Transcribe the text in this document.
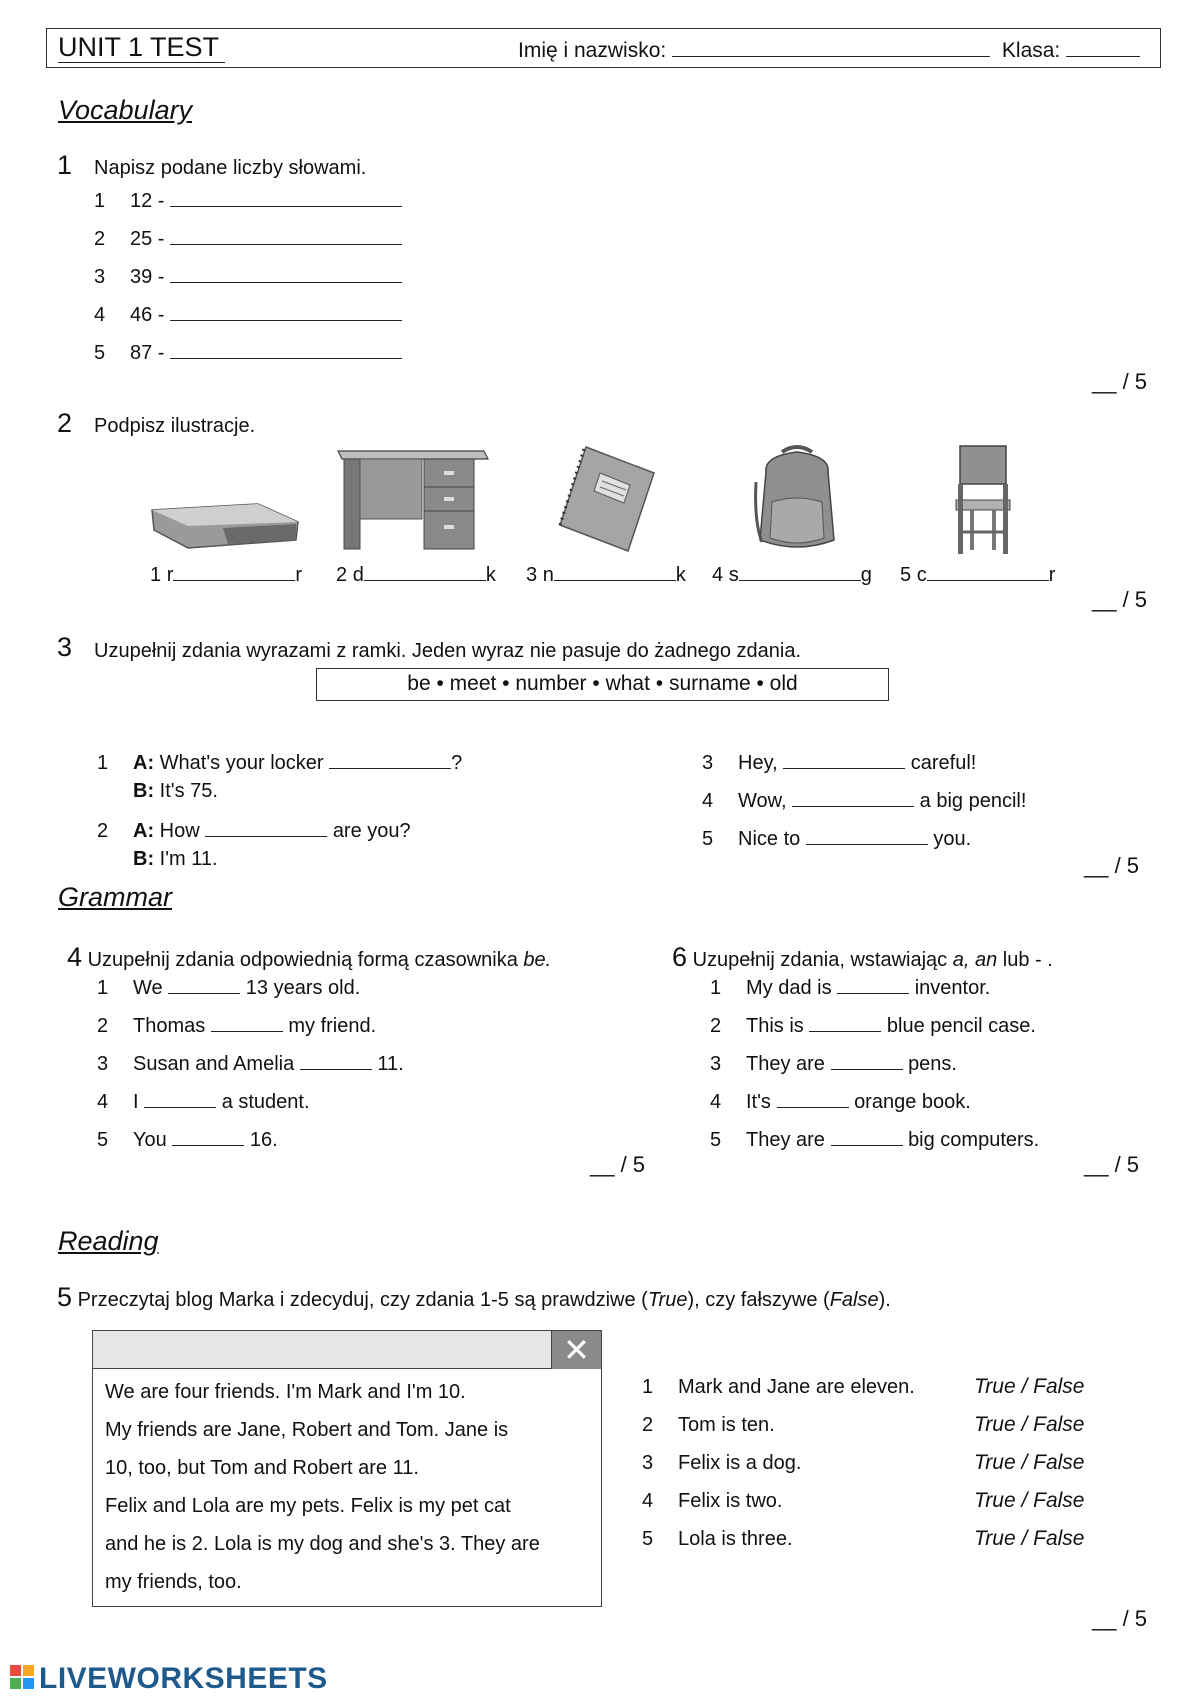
UNIT 1 TEST	Imię i nazwisko:	Klasa:
Vocabulary
1 Napisz podane liczby słowami.
1 12 -
2 25 -
3 39 -
4 46 -
5 87 -
__ / 5
2 Podpisz ilustracje.
1 r	r 2 d	k 3 n	k 4 s	g 5 c	r
__ / 5
3 Uzupełnij zdania wyrazami z ramki. Jeden wyraz nie pasuje do żadnego zdania.
be • meet • number • what • surname • old
1 A: What's your locker	?
B: It's 75.
2 A: How	are you?
B: I'm 11.
3 Hey,	careful!
4 Wow,	a big pencil!
5 Nice to	you.
__ / 5
Grammar
4 Uzupełnij zdania odpowiednią formą czasownika be.
1 We	13 years old.
2 Thomas	my friend.
3 Susan and Amelia	11.
4 I	a student.
5 You	16.
__ / 5
6 Uzupełnij zdania, wstawiając a, an lub - .
1 My dad is	inventor.
2 This is	blue pencil case.
3 They are	pens.
4 It's	orange book.
5 They are	big computers.
__ / 5
Reading
5 Przeczytaj blog Marka i zdecyduj, czy zdania 1-5 są prawdziwe (True), czy fałszywe (False).
✕
We are four friends. I'm Mark and I'm 10.
My friends are Jane, Robert and Tom. Jane is
10, too, but Tom and Robert are 11.
Felix and Lola are my pets. Felix is my pet cat
and he is 2. Lola is my dog and she's 3. They are
my friends, too.
1 Mark and Jane are eleven.	True / False
2 Tom is ten.	True / False
3 Felix is a dog.	True / False
4 Felix is two.	True / False
5 Lola is three.	True / False
__ / 5
LIVEWORKSHEETS
